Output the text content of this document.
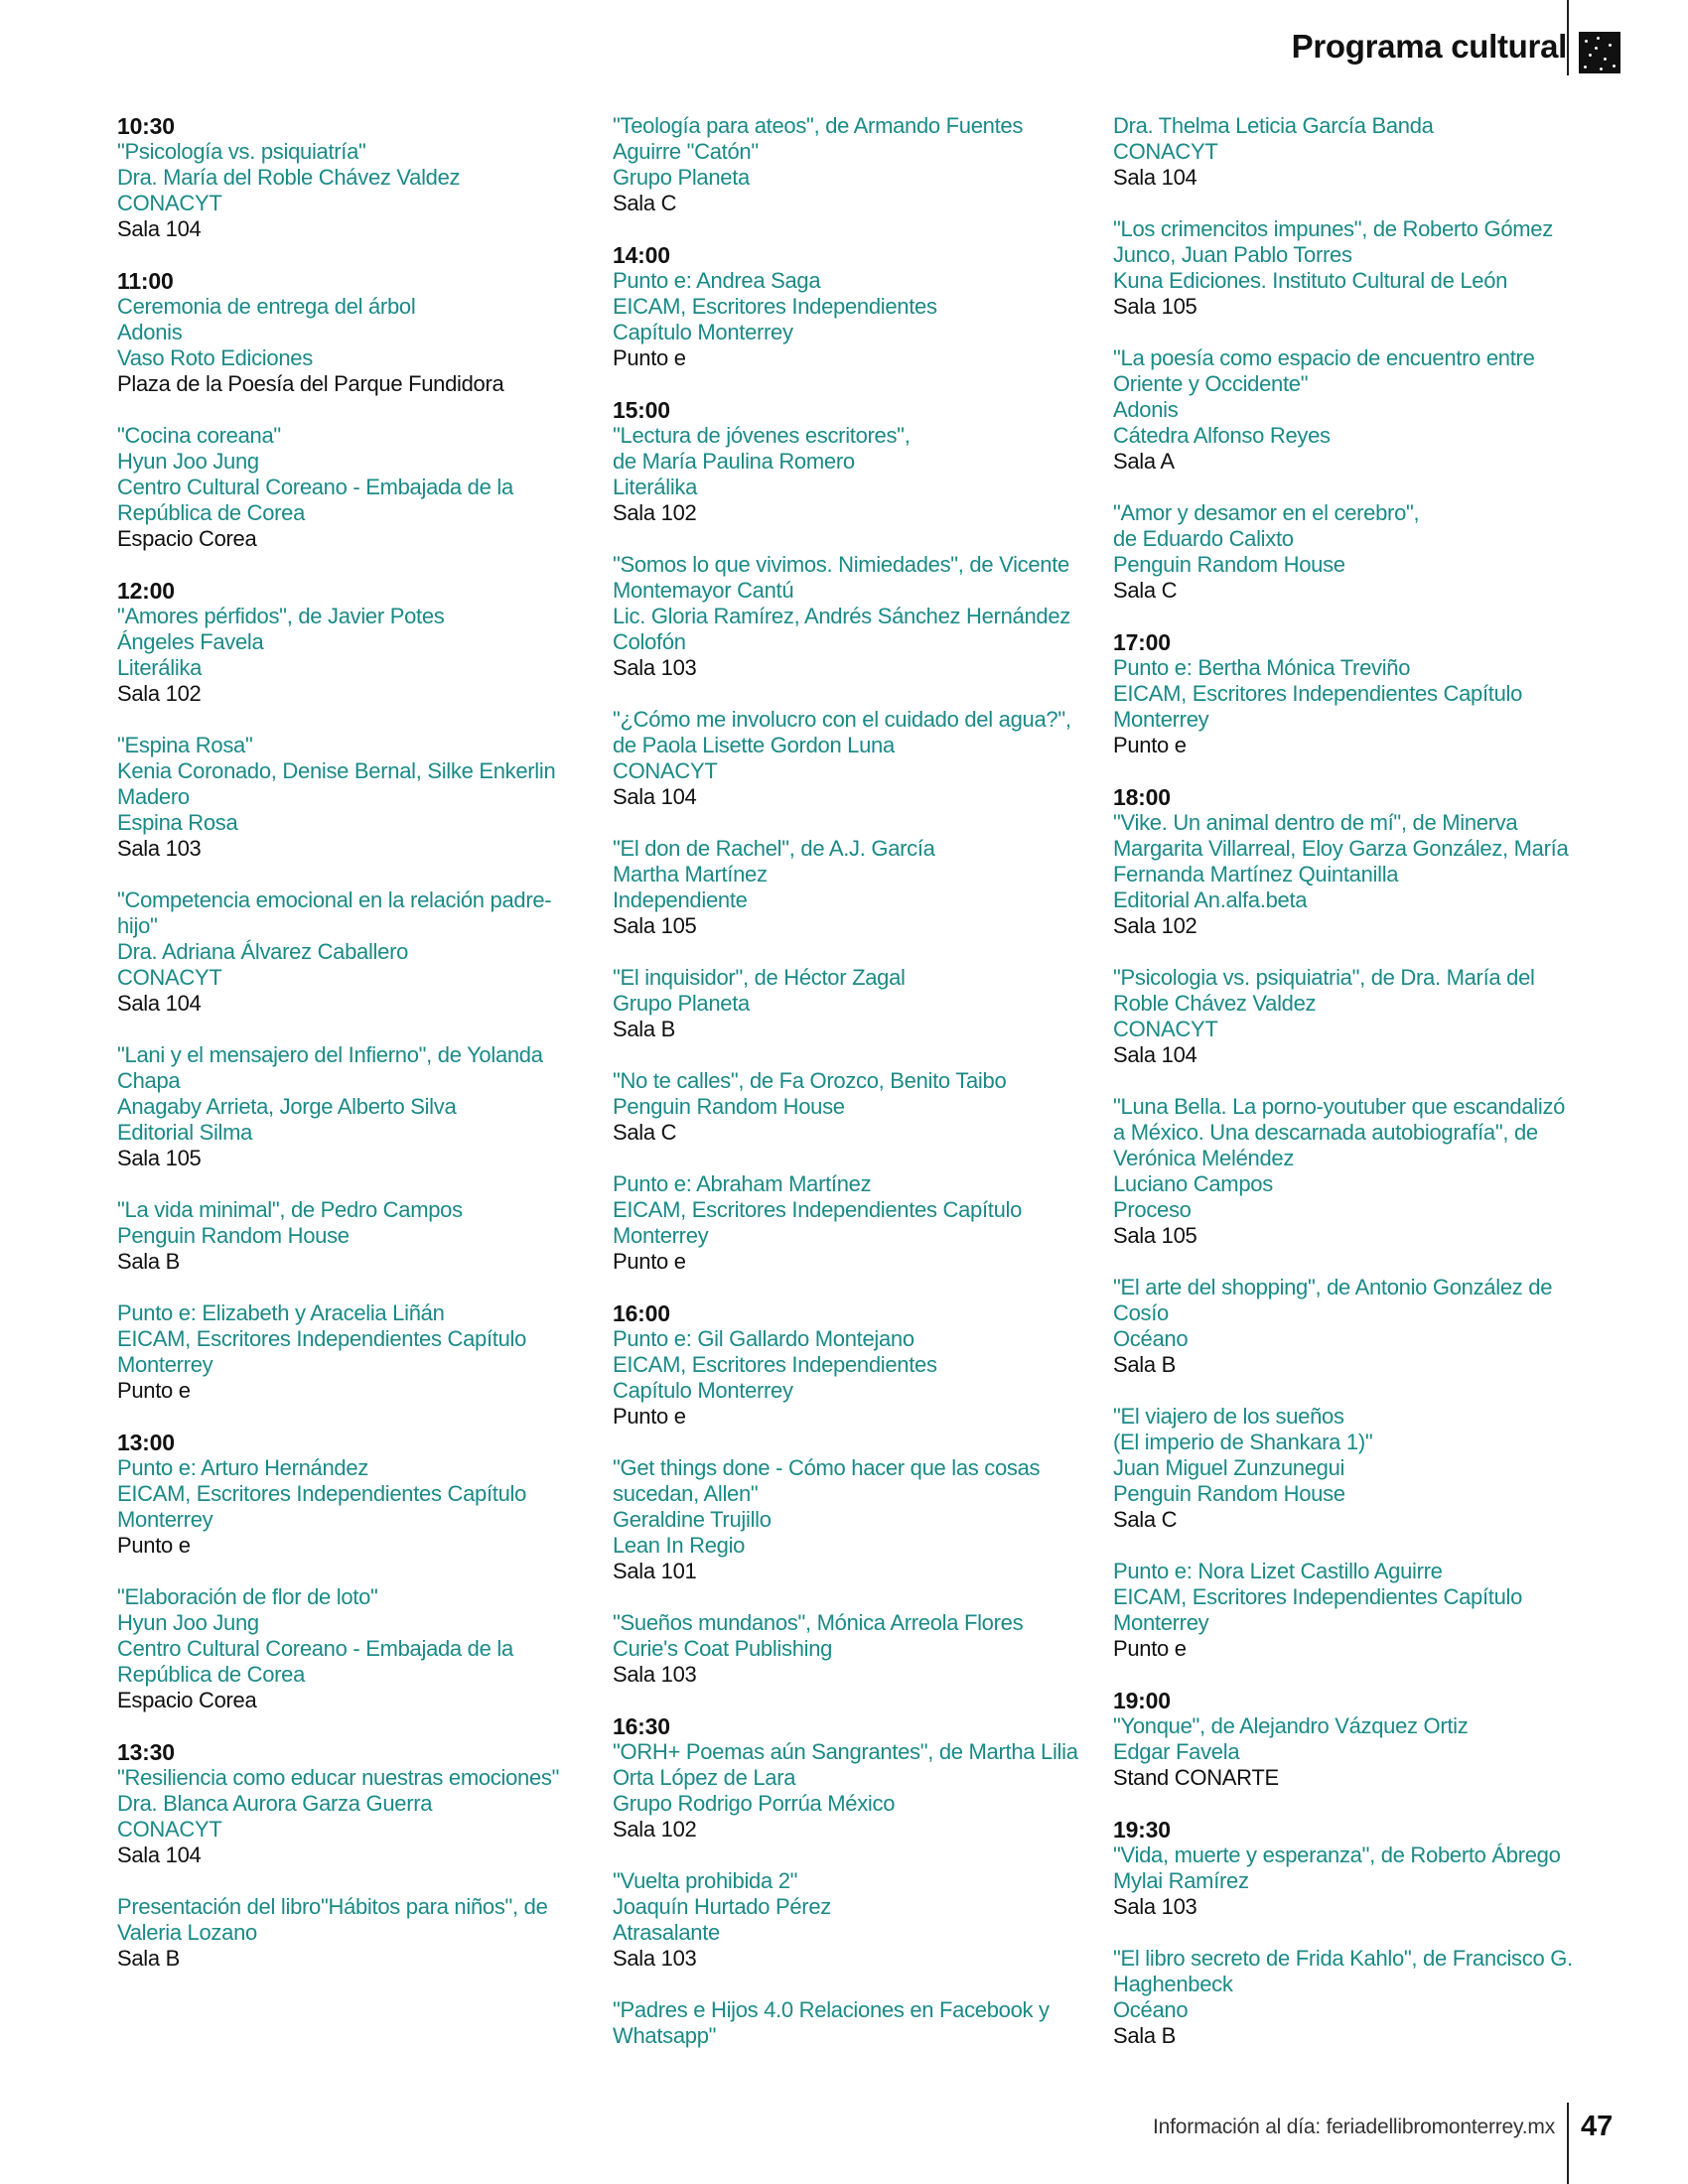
Programa cultural
10:30
"Psicología vs. psiquiatría"
Dra. María del Roble Chávez Valdez
CONACYT
Sala 104
11:00
Ceremonia de entrega del árbol
Adonis
Vaso Roto Ediciones
Plaza de la Poesía del Parque Fundidora
"Cocina coreana"
Hyun Joo Jung
Centro Cultural Coreano - Embajada de la
República de Corea
Espacio Corea
12:00
"Amores pérfidos", de Javier Potes
Ángeles Favela
Literálika
Sala 102
"Espina Rosa"
Kenia Coronado, Denise Bernal, Silke Enkerlin
Madero
Espina Rosa
Sala 103
"Competencia emocional en la relación padre-
hijo"
Dra. Adriana Álvarez Caballero
CONACYT
Sala 104
"Lani y el mensajero del Infierno", de Yolanda
Chapa
Anagaby Arrieta, Jorge Alberto Silva
Editorial Silma
Sala 105
"La vida minimal", de Pedro Campos
Penguin Random House
Sala B
Punto e: Elizabeth y Aracelia Liñán
EICAM, Escritores Independientes Capítulo
Monterrey
Punto e
13:00
Punto e: Arturo Hernández
EICAM, Escritores Independientes Capítulo
Monterrey
Punto e
"Elaboración de flor de loto"
Hyun Joo Jung
Centro Cultural Coreano - Embajada de la
República de Corea
Espacio Corea
13:30
"Resiliencia como educar nuestras emociones"
Dra. Blanca Aurora Garza Guerra
CONACYT
Sala 104
Presentación del libro"Hábitos para niños", de
Valeria Lozano
Sala B
"Teología para ateos", de Armando Fuentes
Aguirre "Catón"
Grupo Planeta
Sala C
14:00
Punto e: Andrea Saga
EICAM, Escritores Independientes
Capítulo Monterrey
Punto e
15:00
"Lectura de jóvenes escritores",
de María Paulina Romero
Literálika
Sala 102
"Somos lo que vivimos. Nimiedades", de Vicente
Montemayor Cantú
Lic. Gloria Ramírez, Andrés Sánchez Hernández
Colofón
Sala 103
"¿Cómo me involucro con el cuidado del agua?",
de Paola Lisette Gordon Luna
CONACYT
Sala 104
"El don de Rachel", de A.J. García
Martha Martínez
Independiente
Sala 105
"El inquisidor", de Héctor Zagal
Grupo Planeta
Sala B
"No te calles", de Fa Orozco, Benito Taibo
Penguin Random House
Sala C
Punto e: Abraham Martínez
EICAM, Escritores Independientes Capítulo
Monterrey
Punto e
16:00
Punto e: Gil Gallardo Montejano
EICAM, Escritores Independientes
Capítulo Monterrey
Punto e
"Get things done - Cómo hacer que las cosas
sucedan, Allen"
Geraldine Trujillo
Lean In Regio
Sala 101
"Sueños mundanos", Mónica Arreola Flores
Curie's Coat Publishing
Sala 103
16:30
"ORH+ Poemas aún Sangrantes", de Martha Lilia
Orta López de Lara
Grupo Rodrigo Porrúa México
Sala 102
"Vuelta prohibida 2"
Joaquín Hurtado Pérez
Atrasalante
Sala 103
"Padres e Hijos 4.0 Relaciones en Facebook y
Whatsapp"
Dra. Thelma Leticia García Banda
CONACYT
Sala 104
"Los crimencitos impunes", de Roberto Gómez
Junco, Juan Pablo Torres
Kuna Ediciones. Instituto Cultural de León
Sala 105
"La poesía como espacio de encuentro entre
Oriente y Occidente"
Adonis
Cátedra Alfonso Reyes
Sala A
"Amor y desamor en el cerebro",
de Eduardo Calixto
Penguin Random House
Sala C
17:00
Punto e: Bertha Mónica Treviño
EICAM, Escritores Independientes Capítulo
Monterrey
Punto e
18:00
"Vike. Un animal dentro de mí", de Minerva
Margarita Villarreal, Eloy Garza González, María
Fernanda Martínez Quintanilla
Editorial An.alfa.beta
Sala 102
"Psicologia vs. psiquiatria", de Dra. María del
Roble Chávez Valdez
CONACYT
Sala 104
"Luna Bella. La porno-youtuber que escandalizó
a México. Una descarnada autobiografía", de
Verónica Meléndez
Luciano Campos
Proceso
Sala 105
"El arte del shopping", de Antonio González de
Cosío
Océano
Sala B
"El viajero de los sueños
(El imperio de Shankara 1)"
Juan Miguel Zunzunegui
Penguin Random House
Sala C
Punto e: Nora Lizet Castillo Aguirre
EICAM, Escritores Independientes Capítulo
Monterrey
Punto e
19:00
"Yonque", de Alejandro Vázquez Ortiz
Edgar Favela
Stand CONARTE
19:30
"Vida, muerte y esperanza", de Roberto Ábrego
Mylai Ramírez
Sala 103
"El libro secreto de Frida Kahlo", de Francisco G.
Haghenbeck
Océano
Sala B
Información al día: feriadellibromonterrey.mx 47
